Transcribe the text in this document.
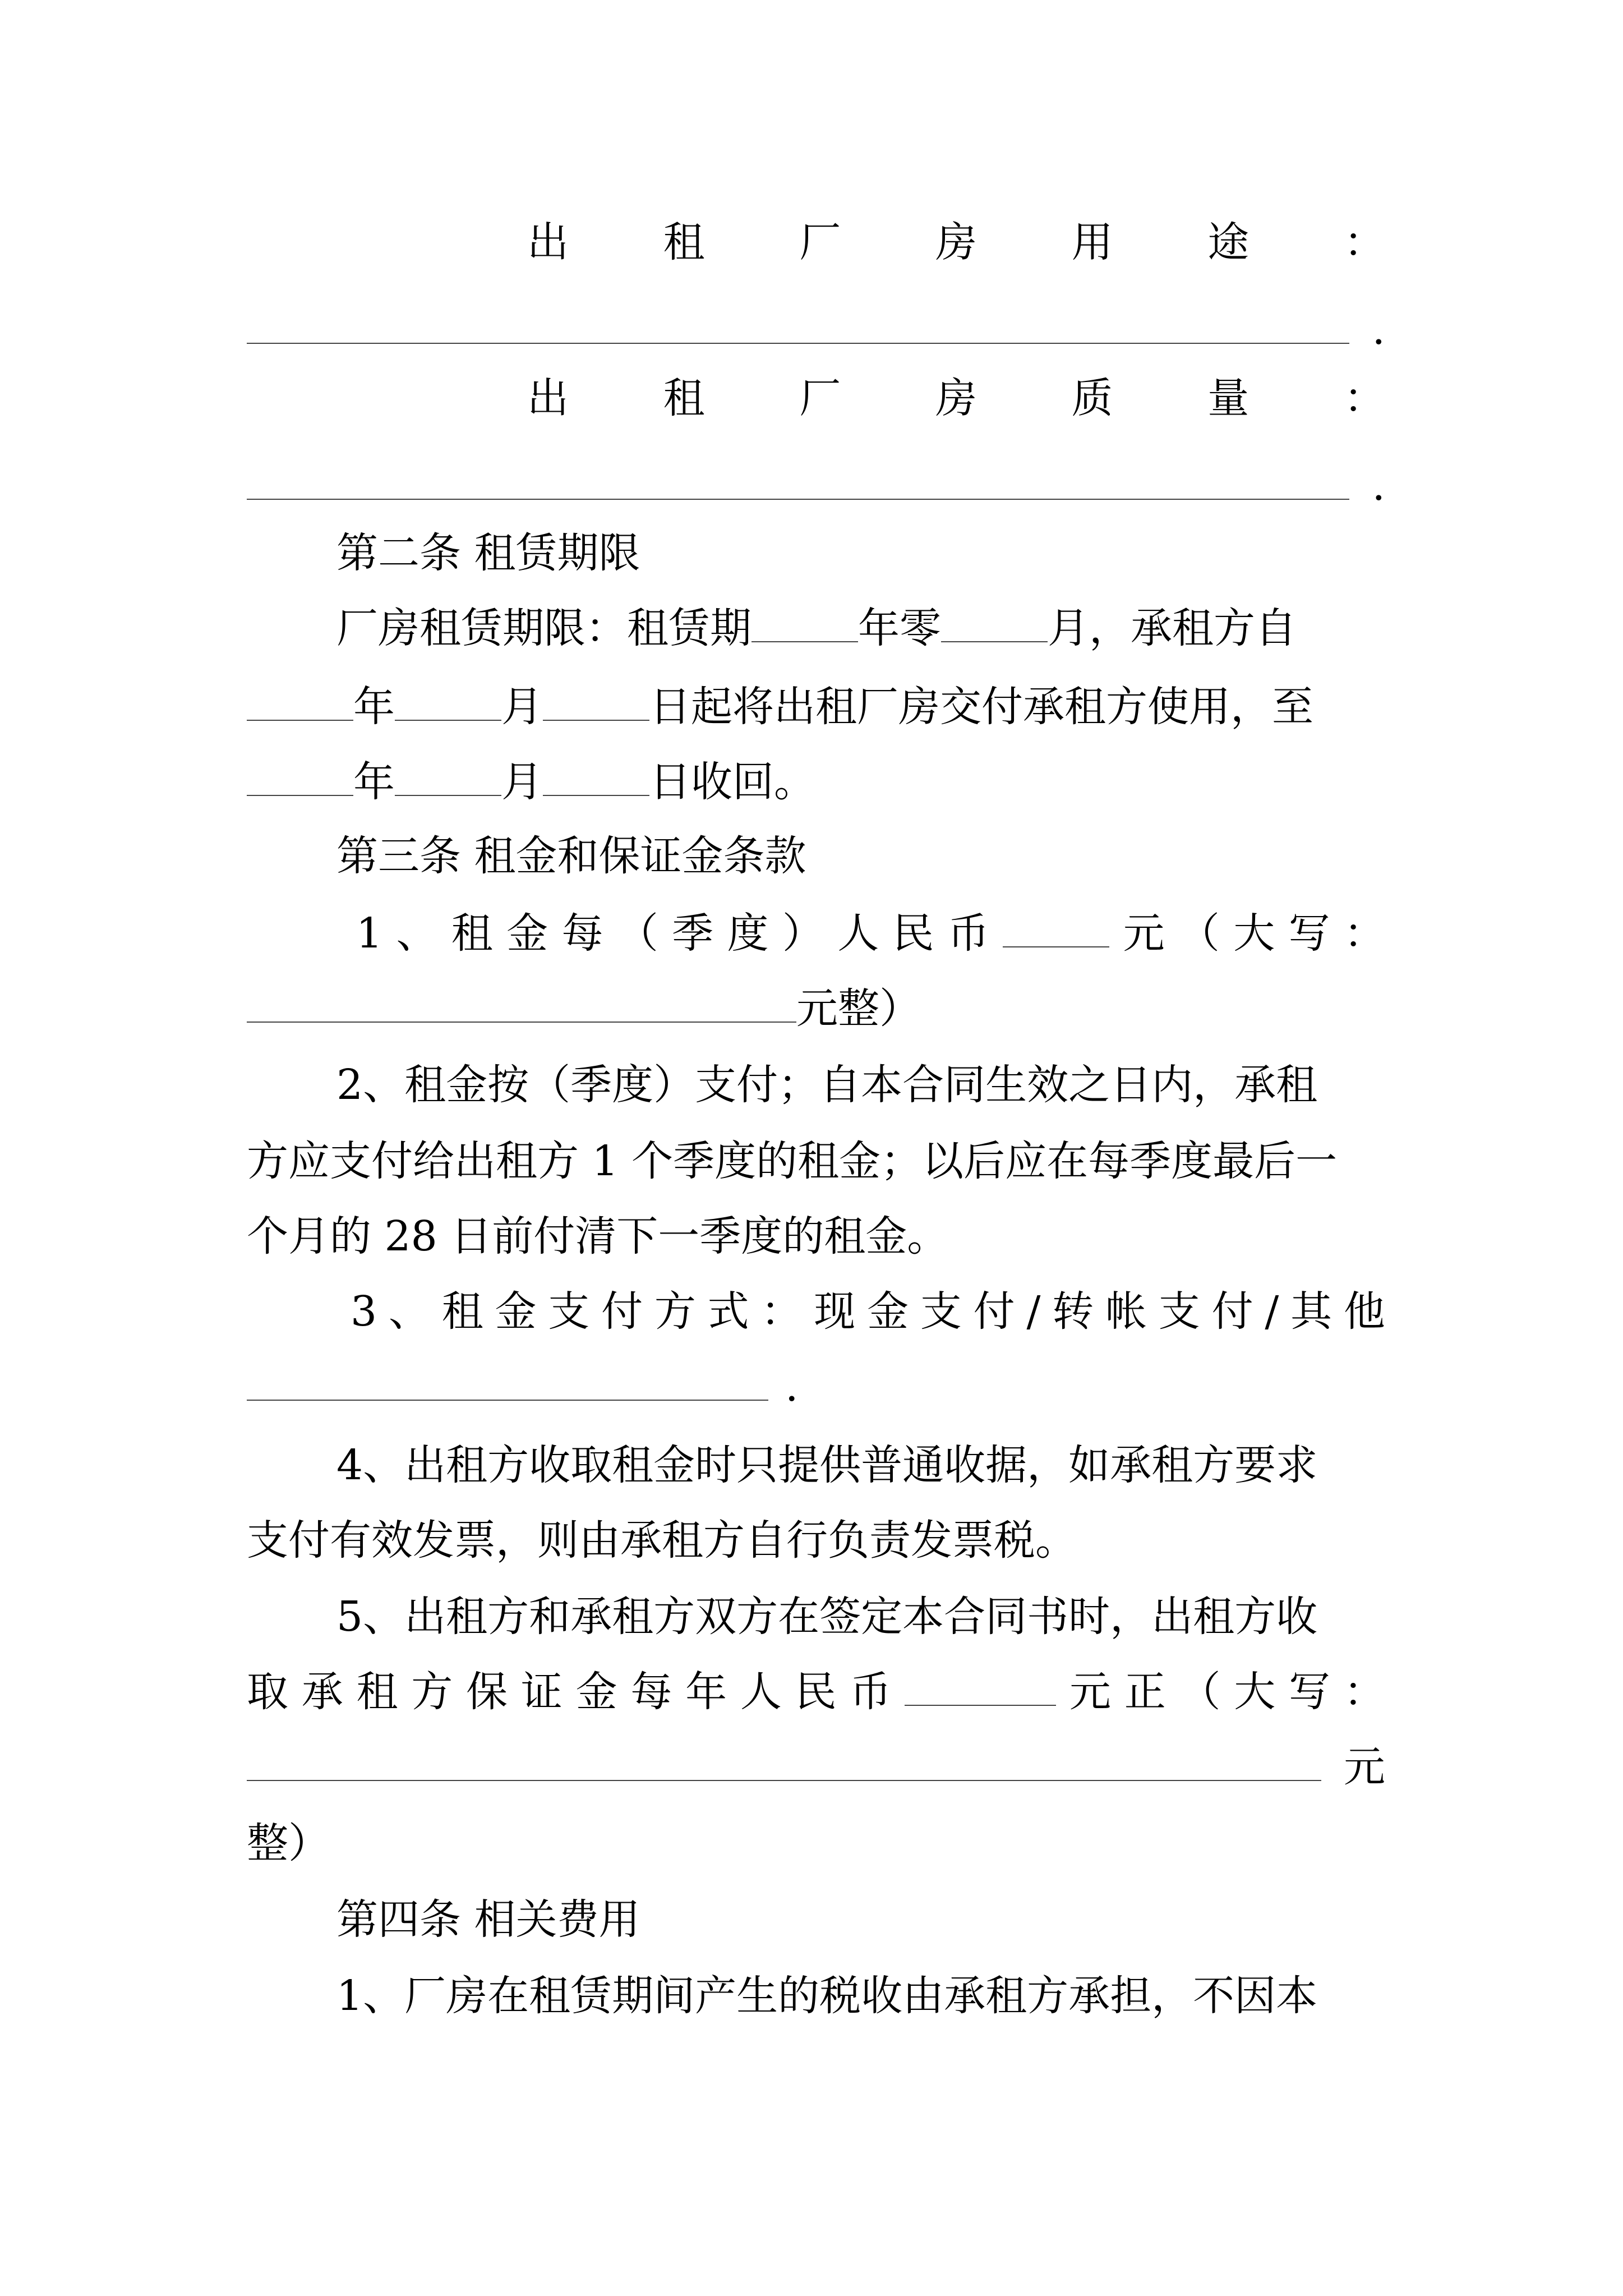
出 租 厂 房 用 途 ：
.
出 租 厂 房 质 量 ：
.
第二条 租赁期限
厂房租赁期限：租赁期	年零	月，承租方自
年	月	日起将出租厂房交付承租方使用，至
年	月	日收回。
第三条 租金和保证金条款
1 、 租 金 每 （ 季 度 ） 人 民 币	元 （ 大 写 ：
元整）
2、租金按（季度）支付；自本合同生效之日内，承租
方应支付给出租方 1 个季度的租金；以后应在每季度最后一
个月的 28 日前付清下一季度的租金。
3 、 租 金 支 付 方 式 ： 现 金 支 付 / 转 帐 支 付 / 其 他
.
4、出租方收取租金时只提供普通收据，如承租方要求
支付有效发票，则由承租方自行负责发票税。
5、出租方和承租方双方在签定本合同书时，出租方收
取 承 租 方 保 证 金 每 年 人 民 币	元 正 （ 大 写 ：
元
整）
第四条 相关费用
1、厂房在租赁期间产生的税收由承租方承担，不因本
